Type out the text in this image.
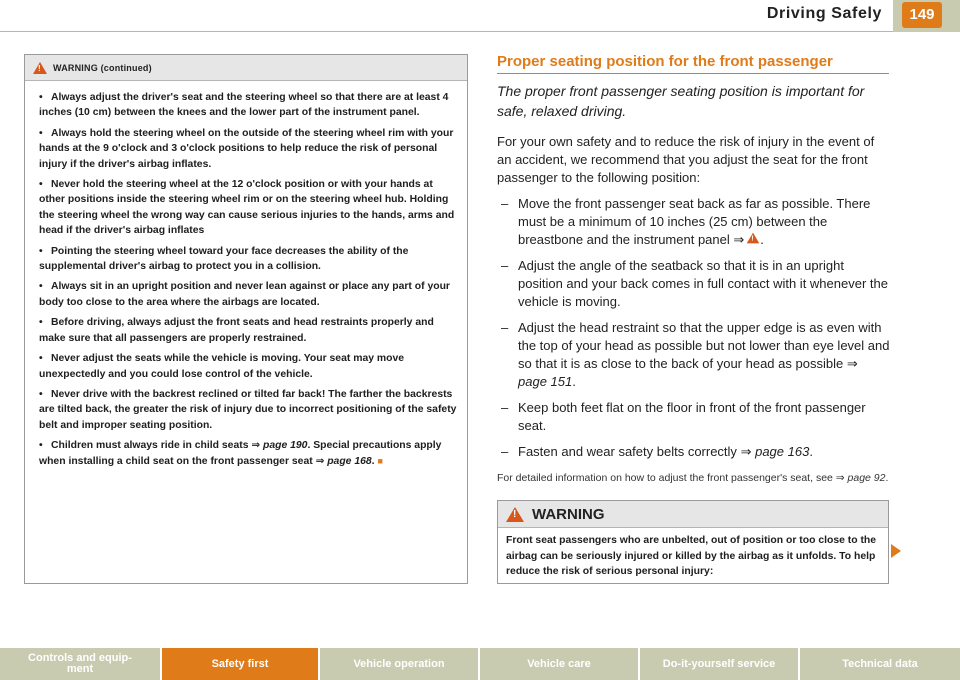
Driving Safely	149
!
WARNING (continued)

• Always adjust the driver's seat and the steering wheel so that there are at least 4 inches (10 cm) between the knees and the lower part of the instrument panel.

• Always hold the steering wheel on the outside of the steering wheel rim with your hands at the 9 o'clock and 3 o'clock positions to help reduce the risk of personal injury if the driver's airbag inflates.

• Never hold the steering wheel at the 12 o'clock position or with your hands at other positions inside the steering wheel rim or on the steering wheel hub. Holding the steering wheel the wrong way can cause serious injuries to the hands, arms and head if the driver's airbag inflates

• Pointing the steering wheel toward your face decreases the ability of the supplemental driver's airbag to protect you in a collision.

• Always sit in an upright position and never lean against or place any part of your body too close to the area where the airbags are located.

• Before driving, always adjust the front seats and head restraints properly and make sure that all passengers are properly restrained.

• Never adjust the seats while the vehicle is moving. Your seat may move unexpectedly and you could lose control of the vehicle.

• Never drive with the backrest reclined or tilted far back! The farther the backrests are tilted back, the greater the risk of injury due to incorrect positioning of the safety belt and improper seating position.

• Children must always ride in child seats ⇒ page 190. Special precautions apply when installing a child seat on the front passenger seat ⇒ page 168. ■

Proper seating position for the front passenger

The proper front passenger seating position is important for safe, relaxed driving.

For your own safety and to reduce the risk of injury in the event of an accident, we recommend that you adjust the seat for the front passenger to the following position:

– Move the front passenger seat back as far as possible. There must be a minimum of 10 inches (25 cm) between the breastbone and the instrument panel ⇒! .

– Adjust the angle of the seatback so that it is in an upright position and your back comes in full contact with it whenever the vehicle is moving.

– Adjust the head restraint so that the upper edge is as even with the top of your head as possible but not lower than eye level and so that it is as close to the back of your head as possible ⇒ page 151.

– Keep both feet flat on the floor in front of the front passenger seat.

– Fasten and wear safety belts correctly ⇒ page 163.

For detailed information on how to adjust the front passenger's seat, see ⇒ page 92.

!
WARNING
Front seat passengers who are unbelted, out of position or too close to the airbag can be seriously injured or killed by the airbag as it unfolds. To help reduce the risk of serious personal injury:
Controls and equip-
ment	Safety first	Vehicle operation	Vehicle care	Do-it-yourself service	Technical data
